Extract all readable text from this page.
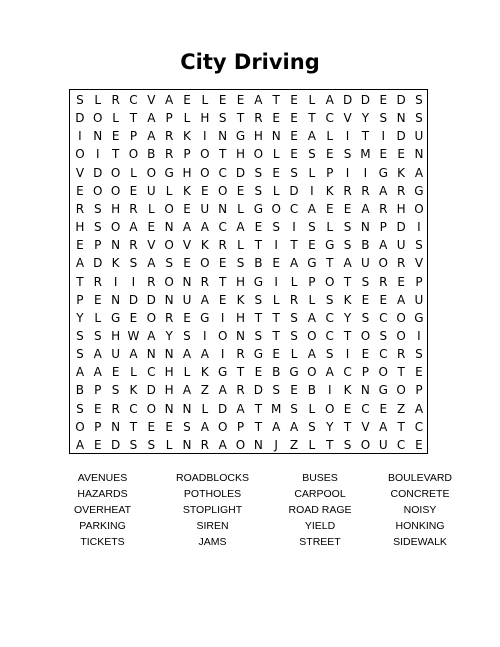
City Driving
S L R C V A E L E E A T E L A D D E D S
D O L T A P L H S T R E E T C V Y S N S
I N E P A R K	I N G H N E A L	I	T	I D U
O I	T O B R P O T H O L E S E S M E E N
V D O L O G H O C D S E S L P	I	I G K A
E O O E U L K E O E S L D I	K R R A R G
R S H R L O E U N L G O C A E E A R H O
H S O A E N A A C A E S	I	S L S N P D I
E P N R V O V K R L T	I	T E G S B A U S
A D K S A S E O E S B E A G T A U O R V
T R I	I R O N R T H G I	L P O T S R E P
P E N D D N U A E K S L R L S K E E A U
Y L G E O R E G I H T T S A C Y S C O G
S S H W A Y S	I O N S T S O C T O S O I
S A U A N N A A I R G E L A S	I	E C R S
A A E L C H L K G T E B G O A C P O T E
B P S K D H A Z A R D S E B I	K N G O P
S E R C O N N L D A T M S L O E C E Z A
O P N T E E S A O P T A A S Y T V A T C
A E D S S L N R A O N J Z L T S O U C E
AVENUES	ROADBLOCKS	BUSES	BOULEVARD
HAZARDS	POTHOLES	CARPOOL	CONCRETE
OVERHEAT	STOPLIGHT	ROAD RAGE	NOISY
PARKING	SIREN	YIELD	HONKING
TICKETS	JAMS	STREET	SIDEWALK
